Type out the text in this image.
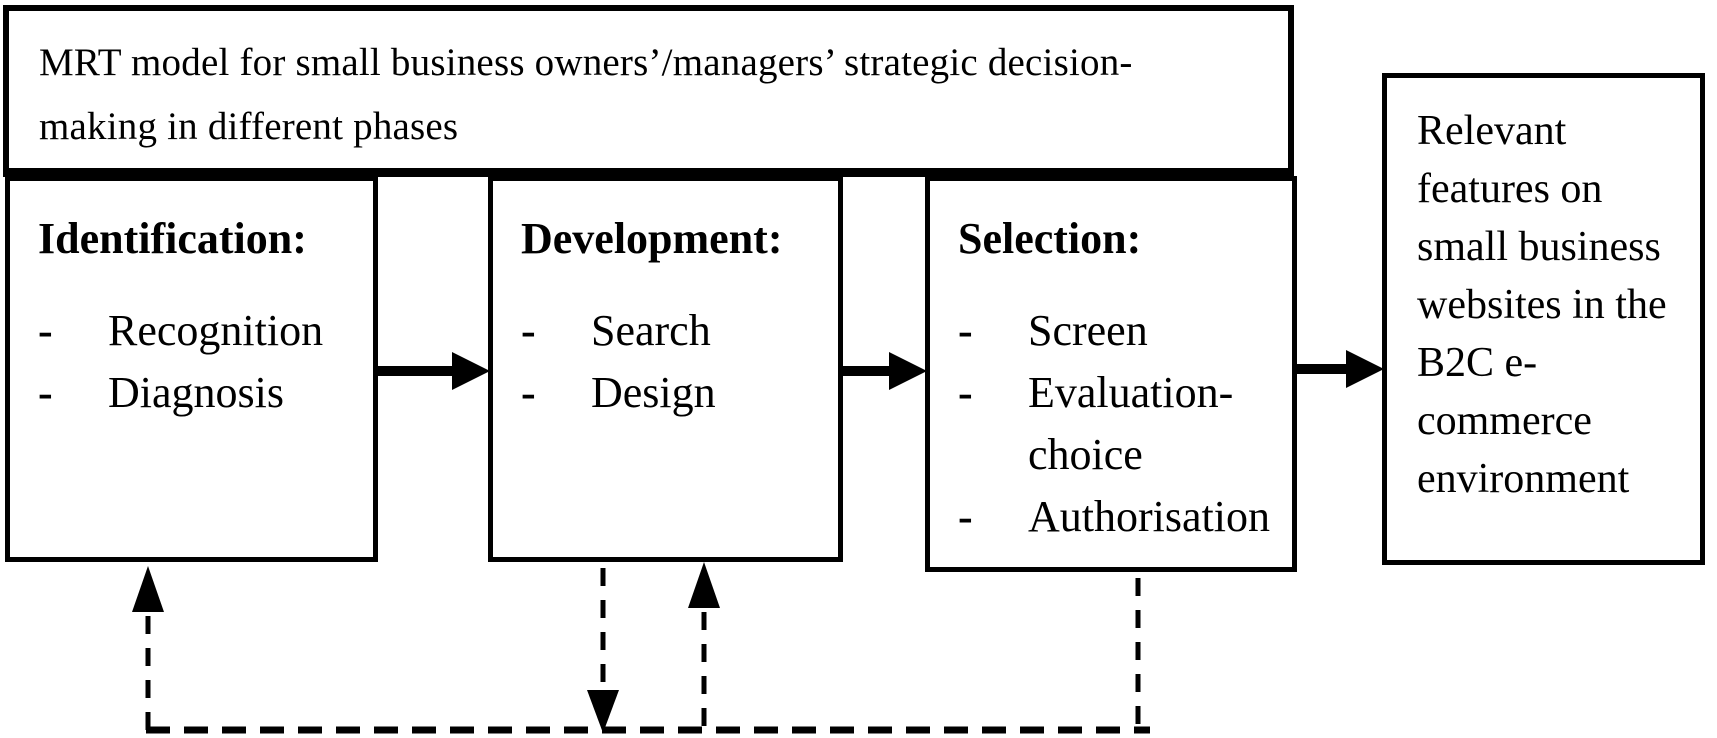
MRT model for small business owners’/managers’ strategic decision-making in different phases
Identification:
-	Recognition
-	Diagnosis
Development:
-	Search
-	Design
Selection:
-	Screen
-	Evaluation-choice
-	Authorisation
Relevant features on small business websites in the B2C e-commerce environment
